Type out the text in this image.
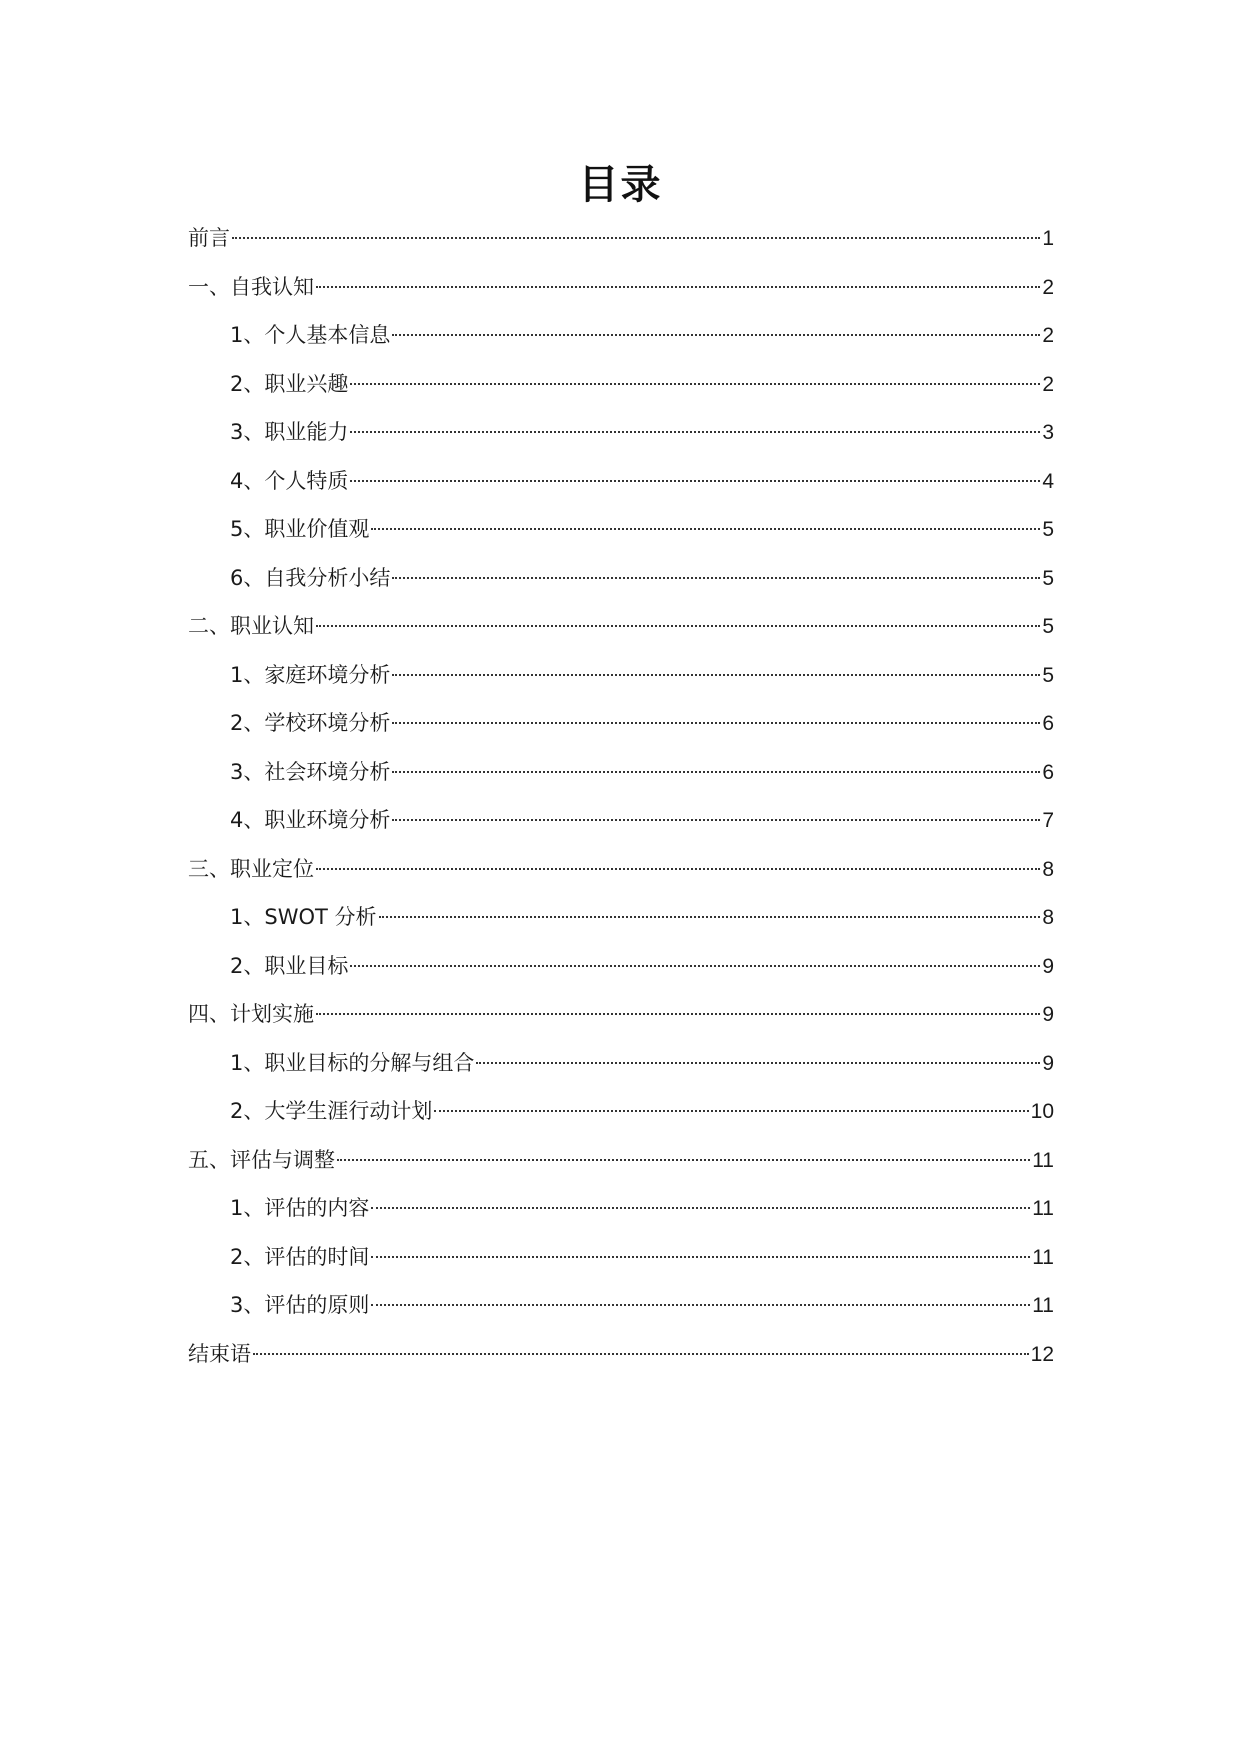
目录
前言	1
一、自我认知	2
1、个人基本信息	2
2、职业兴趣	2
3、职业能力	3
4、个人特质	4
5、职业价值观	5
6、自我分析小结	5
二、职业认知	5
1、家庭环境分析	5
2、学校环境分析	6
3、社会环境分析	6
4、职业环境分析	7
三、职业定位	8
1、SWOT 分析	8
2、职业目标	9
四、计划实施	9
1、职业目标的分解与组合	9
2、大学生涯行动计划	10
五、评估与调整	11
1、评估的内容	11
2、评估的时间	11
3、评估的原则	11
结束语	12
